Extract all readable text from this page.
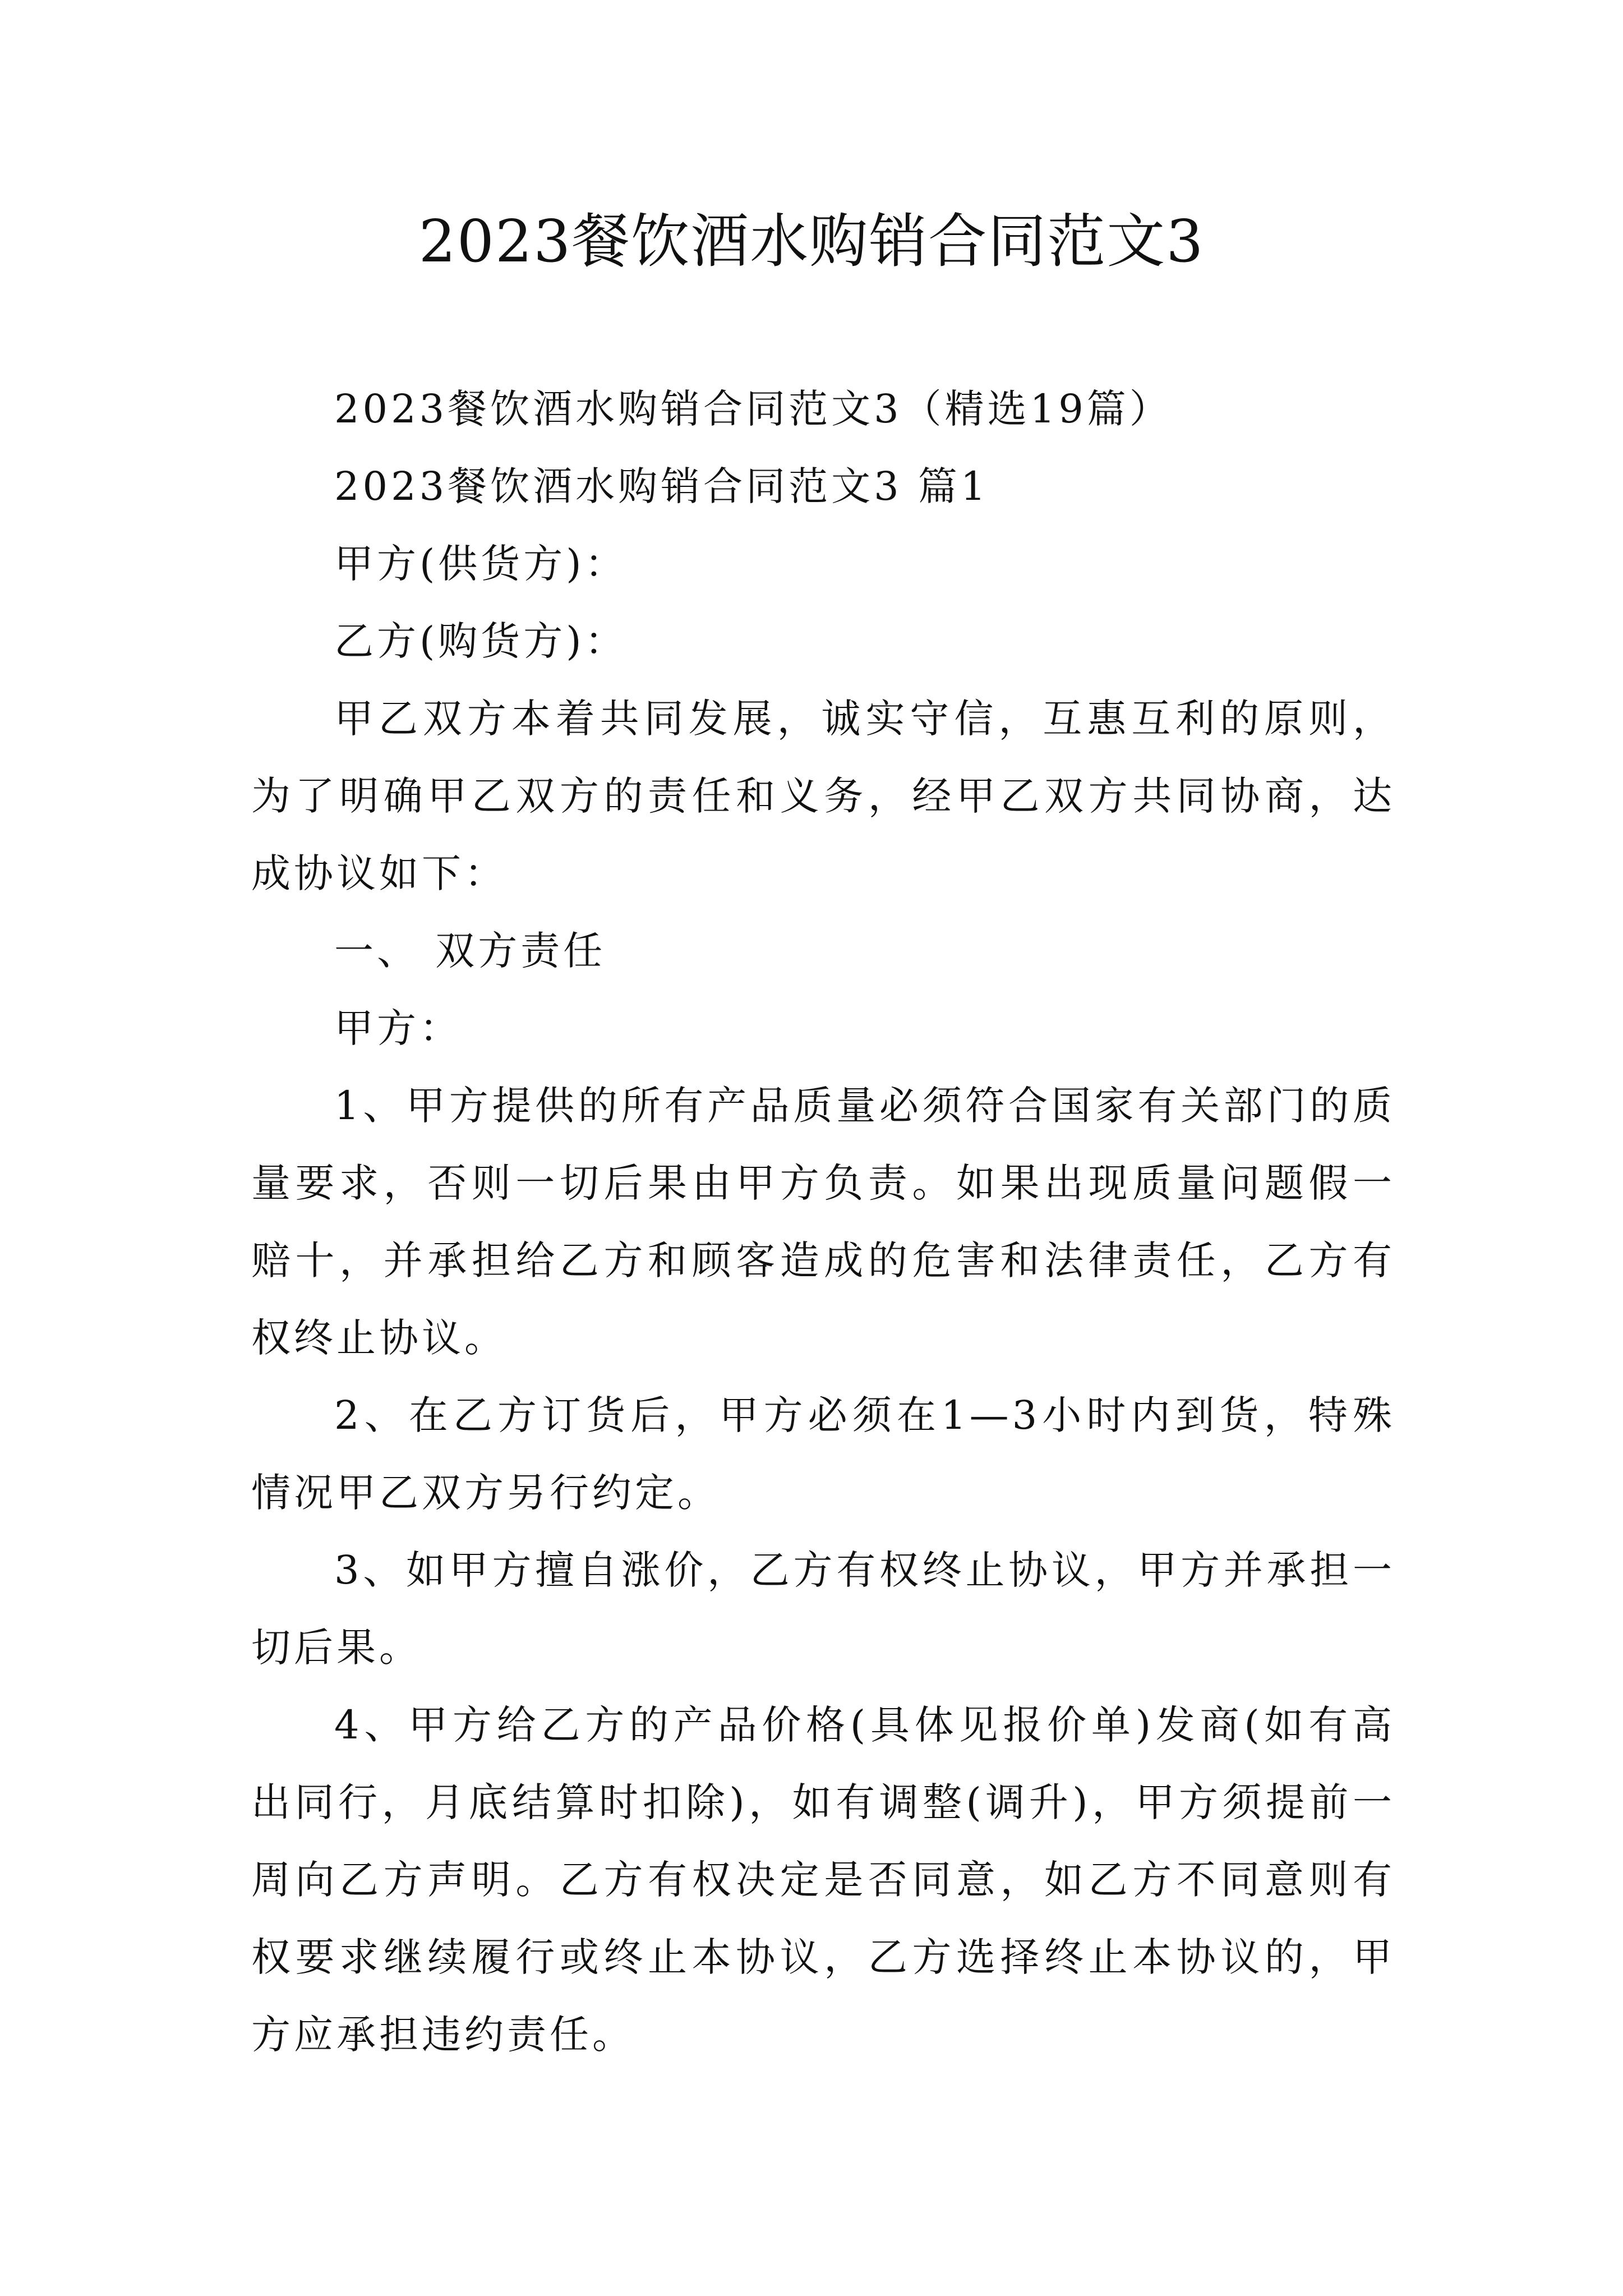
2023餐饮酒水购销合同范文3

2023餐饮酒水购销合同范文3（精选19篇）

2023餐饮酒水购销合同范文3 篇1

甲方(供货方)：

乙方(购货方)：

甲乙双方本着共同发展，诚实守信，互惠互利的原则，为了明确甲乙双方的责任和义务，经甲乙双方共同协商，达成协议如下：

一、 双方责任

甲方：

1、甲方提供的所有产品质量必须符合国家有关部门的质量要求，否则一切后果由甲方负责。如果出现质量问题假一赔十，并承担给乙方和顾客造成的危害和法律责任，乙方有权终止协议。

2、在乙方订货后，甲方必须在1—3小时内到货，特殊情况甲乙双方另行约定。

3、如甲方擅自涨价，乙方有权终止协议，甲方并承担一切后果。

4、甲方给乙方的产品价格(具体见报价单)发商(如有高出同行，月底结算时扣除)，如有调整(调升)，甲方须提前一周向乙方声明。乙方有权决定是否同意，如乙方不同意则有权要求继续履行或终止本协议，乙方选择终止本协议的，甲方应承担违约责任。
